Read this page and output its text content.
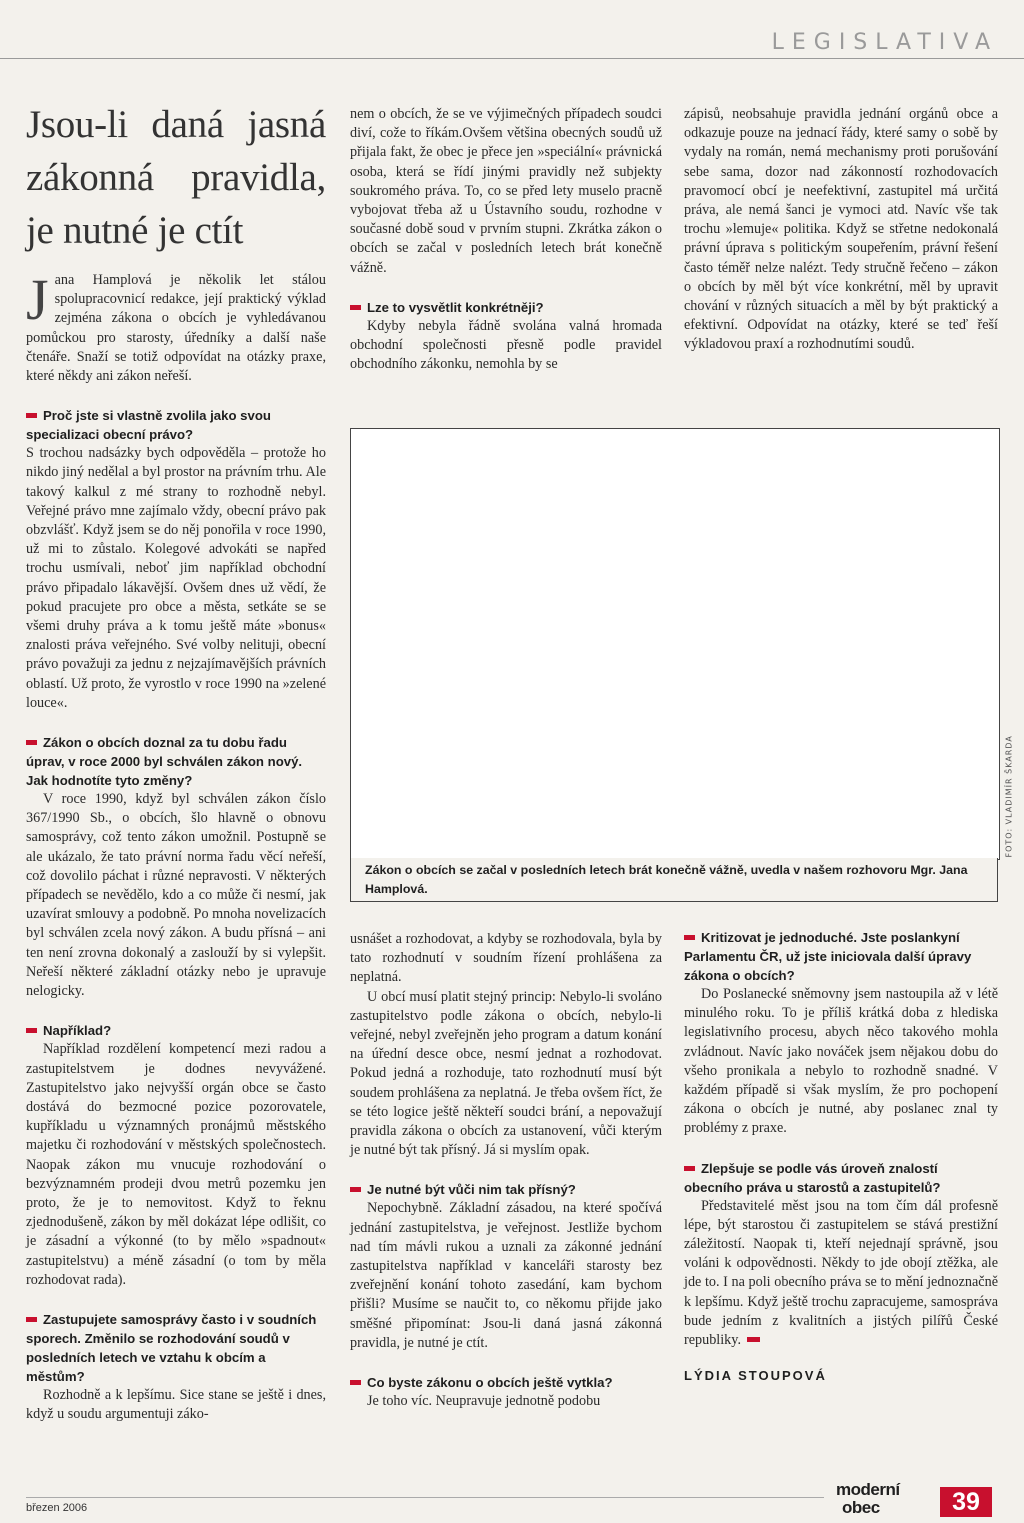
LEGISLATIVA
Jsou-li daná jasná zákonná pravidla, je nutné je ctít

Jana Hamplová je několik let stálou spolupracovnicí redakce, její praktický výklad zejména zákona o obcích je vyhledávanou pomůckou pro starosty, úředníky a další naše čtenáře. Snaží se totiž odpovídat na otázky praxe, které někdy ani zákon neřeší.

Proč jste si vlastně zvolila jako svou specializaci obecní právo?

S trochou nadsázky bych odpověděla – protože ho nikdo jiný nedělal a byl prostor na právním trhu. Ale takový kalkul z mé strany to rozhodně nebyl. Veřejné právo mne zajímalo vždy, obecní právo pak obzvlášť. Když jsem se do něj ponořila v roce 1990, už mi to zůstalo. Kolegové advokáti se napřed trochu usmívali, neboť jim například obchodní právo připadalo lákavější. Ovšem dnes už vědí, že pokud pracujete pro obce a města, setkáte se se všemi druhy práva a k tomu ještě máte »bonus« znalosti práva veřejného. Své volby nelituji, obecní právo považuji za jednu z nejzajímavějších právních oblastí. Už proto, že vyrostlo v roce 1990 na »zelené louce«.

Zákon o obcích doznal za tu dobu řadu úprav, v roce 2000 byl schválen zákon nový. Jak hodnotíte tyto změny?

V roce 1990, když byl schválen zákon číslo 367/1990 Sb., o obcích, šlo hlavně o obnovu samosprávy, což tento zákon umožnil. Postupně se ale ukázalo, že tato právní norma řadu věcí neřeší, což dovolilo páchat i různé nepravosti. V některých případech se nevědělo, kdo a co může či nesmí, jak uzavírat smlouvy a podobně. Po mnoha novelizacích byl schválen zcela nový zákon. A budu přísná – ani ten není zrovna dokonalý a zaslouží by si vylepšit. Neřeší některé základní otázky nebo je upravuje nelogicky.

Například?

Například rozdělení kompetencí mezi radou a zastupitelstvem je dodnes nevyvážené. Zastupitelstvo jako nejvyšší orgán obce se často dostává do bezmocné pozice pozorovatele, kupříkladu u významných pronájmů městského majetku či rozhodování v městských společnostech. Naopak zákon mu vnucuje rozhodování o bezvýznamném prodeji dvou metrů pozemku jen proto, že je to nemovitost. Když to řeknu zjednodušeně, zákon by měl dokázat lépe odlišit, co je zásadní a výkonné (to by mělo »spadnout« zastupitelstvu) a méně zásadní (o tom by měla rozhodovat rada).

Zastupujete samosprávy často i v soudních sporech. Změnilo se rozhodování soudů v posledních letech ve vztahu k obcím a městům?

Rozhodně a k lepšímu. Sice stane se ještě i dnes, když u soudu argumentuji záko-

nem o obcích, že se ve výjimečných případech soudci diví, cože to říkám.Ovšem většina obecných soudů už přijala fakt, že obec je přece jen »speciální« právnická osoba, která se řídí jinými pravidly než subjekty soukromého práva. To, co se před lety muselo pracně vybojovat třeba až u Ústavního soudu, rozhodne v současné době soud v prvním stupni. Zkrátka zákon o obcích se začal v posledních letech brát konečně vážně.

Lze to vysvětlit konkrétněji?

Kdyby nebyla řádně svolána valná hromada obchodní společnosti přesně podle pravidel obchodního zákonku, nemohla by se

zápisů, neobsahuje pravidla jednání orgánů obce a odkazuje pouze na jednací řády, které samy o sobě by vydaly na román, nemá mechanismy proti porušování sebe sama, dozor nad zákonností rozhodovacích pravomocí obcí je neefektivní, zastupitel má určitá práva, ale nemá šanci je vymoci atd. Navíc vše tak trochu »lemuje« politika. Když se střetne nedokonalá právní úprava s politickým soupeřením, právní řešení často téměř nelze nalézt. Tedy stručně řečeno – zákon o obcích by měl být více konkrétní, měl by upravit chování v různých situacích a měl by být praktický a efektivní. Odpovídat na otázky, které se teď řeší výkladovou praxí a rozhodnutími soudů.

FOTO: VLADIMÍR ŠKARDA
Zákon o obcích se začal v posledních letech brát konečně vážně, uvedla v našem rozhovoru Mgr. Jana Hamplová.

usnášet a rozhodovat, a kdyby se rozhodovala, byla by tato rozhodnutí v soudním řízení prohlášena za neplatná.

U obcí musí platit stejný princip: Nebylo-li svoláno zastupitelstvo podle zákona o obcích, nebylo-li veřejné, nebyl zveřejněn jeho program a datum konání na úřední desce obce, nesmí jednat a rozhodovat. Pokud jedná a rozhoduje, tato rozhodnutí musí být soudem prohlášena za neplatná. Je třeba ovšem říct, že se této logice ještě někteří soudci brání, a nepovažují pravidla zákona o obcích za ustanovení, vůči kterým je nutné být tak přísný. Já si myslím opak.

Je nutné být vůči nim tak přísný?

Nepochybně. Základní zásadou, na které spočívá jednání zastupitelstva, je veřejnost. Jestliže bychom nad tím mávli rukou a uznali za zákonné jednání zastupitelstva například v kanceláři starosty bez zveřejnění konání tohoto zasedání, kam bychom přišli? Musíme se naučit to, co někomu přijde jako směšné připomínat: Jsou-li daná jasná zákonná pravidla, je nutné je ctít.

Co byste zákonu o obcích ještě vytkla?

Je toho víc. Neupravuje jednotně podobu

Kritizovat je jednoduché. Jste poslankyní Parlamentu ČR, už jste iniciovala další úpravy zákona o obcích?

Do Poslanecké sněmovny jsem nastoupila až v létě minulého roku. To je příliš krátká doba z hlediska legislativního procesu, abych něco takového mohla zvládnout. Navíc jako nováček jsem nějakou dobu do všeho pronikala a nebylo to rozhodně snadné. V každém případě si však myslím, že pro pochopení zákona o obcích je nutné, aby poslanec znal ty problémy z praxe.

Zlepšuje se podle vás úroveň znalostí obecního práva u starostů a zastupitelů?

Představitelé měst jsou na tom čím dál profesně lépe, být starostou či zastupitelem se stává prestižní záležitostí. Naopak ti, kteří nejednají správně, jsou voláni k odpovědnosti. Někdy to jde obojí ztěžka, ale jde to. I na poli obecního práva se to mění jednoznačně k lepšímu. Když ještě trochu zapracujeme, samospráva bude jedním z kvalitních a jistých pilířů České republiky.

LÝDIA STOUPOVÁ
březen 2006
moderní
obec	39
